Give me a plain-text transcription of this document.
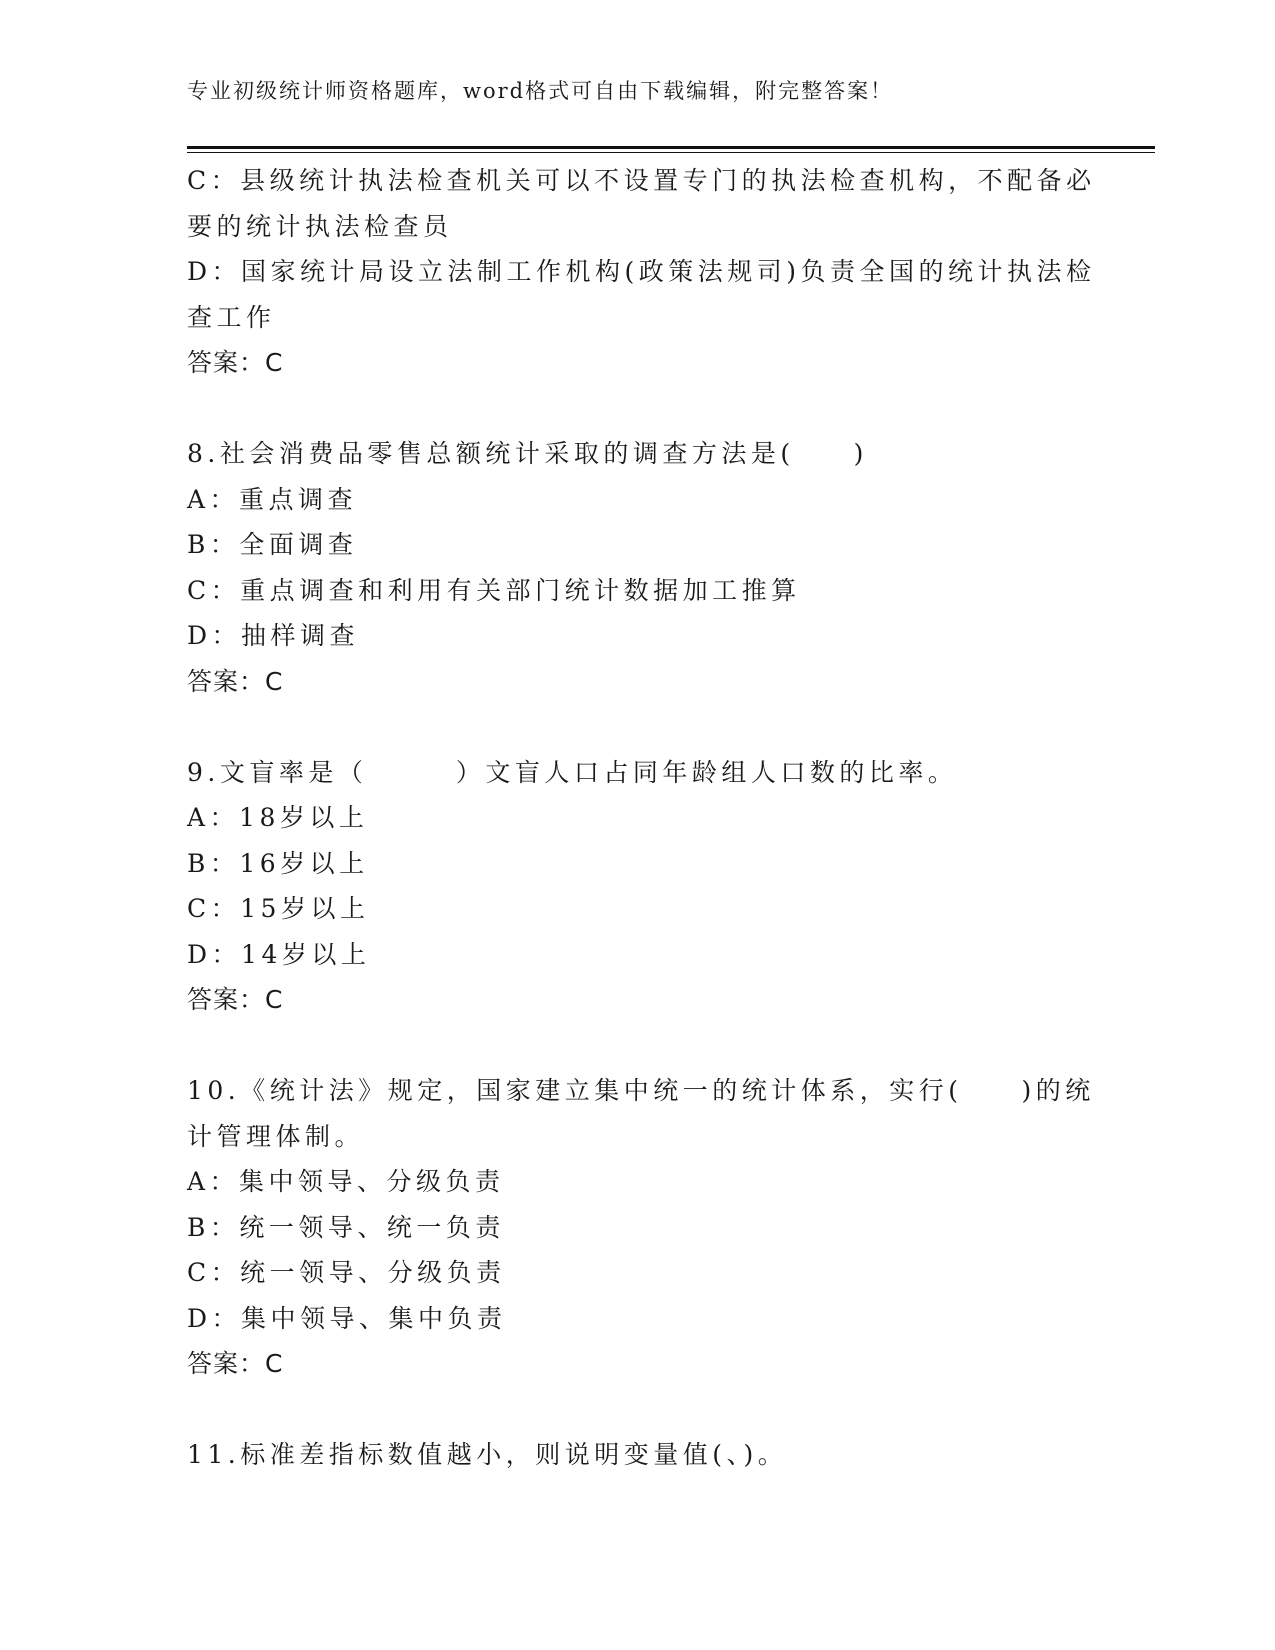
专业初级统计师资格题库，word格式可自由下载编辑，附完整答案！
C：县级统计执法检查机关可以不设置专门的执法检查机构，不配备必
要的统计执法检查员
D：国家统计局设立法制工作机构(政策法规司)负责全国的统计执法检
查工作
答案：C
8.社会消费品零售总额统计采取的调查方法是(　　)
A：重点调查
B：全面调查
C：重点调查和利用有关部门统计数据加工推算
D：抽样调查
答案：C
9.文盲率是（　　　）文盲人口占同年龄组人口数的比率。
A：18岁以上
B：16岁以上
C：15岁以上
D：14岁以上
答案：C
10.《统计法》规定，国家建立集中统一的统计体系，实行(　　)的统
计管理体制。
A：集中领导、分级负责
B：统一领导、统一负责
C：统一领导、分级负责
D：集中领导、集中负责
答案：C
11.标准差指标数值越小，则说明变量值(、)。
